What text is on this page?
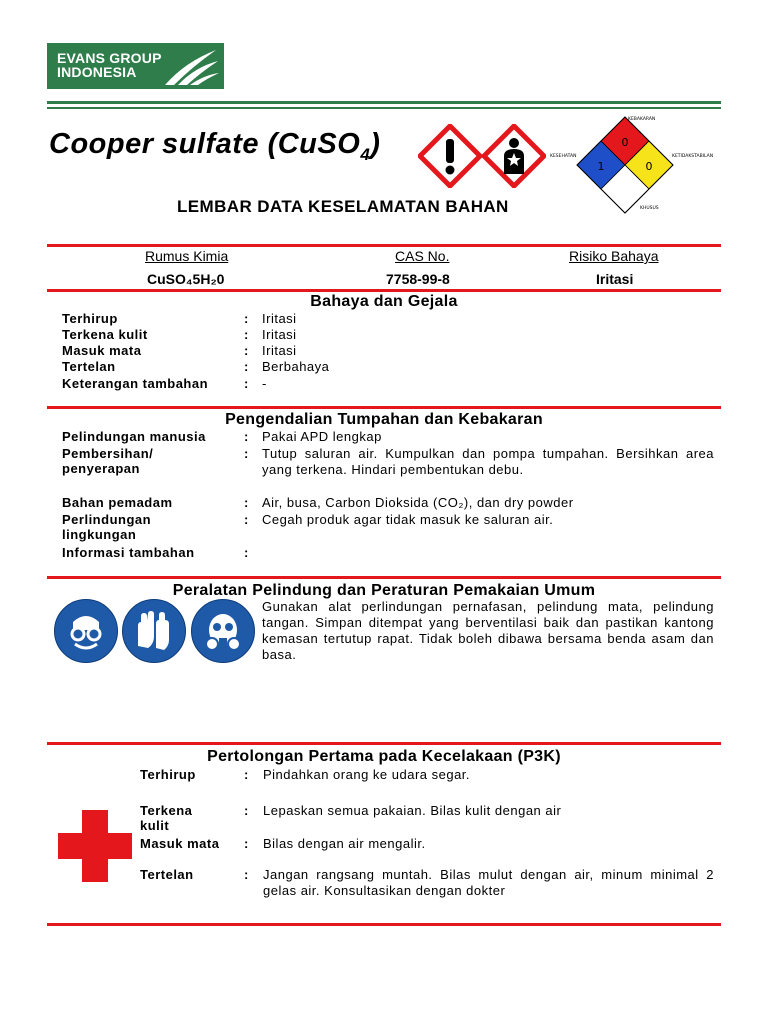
EVANS GROUP
INDONESIA
Cooper sulfate (CuSO$_4$)	0
1	0
KEBAKARAN
KESEHATAN	KETIDAKSTABILAN
KHUSUS
LEMBAR DATA KESELAMATAN BAHAN
Rumus Kimia	CAS No.	Risiko Bahaya
CuSO₄5H₂0	7758-99-8	Iritasi
Bahaya dan Gejala
Terhirup	: Iritasi
Terkena kulit	: Iritasi
Masuk mata	: Iritasi
Tertelan	: Berbahaya
Keterangan tambahan	: -
Pengendalian Tumpahan dan Kebakaran
Pelindungan manusia	: Pakai APD lengkap
Pembersihan/ penyerapan
: Tutup saluran air. Kumpulkan dan pompa tumpahan. Bersihkan area yang terkena. Hindari pembentukan debu.
Bahan pemadam	: Air, busa, Carbon Dioksida (CO₂), dan dry powder
Perlindungan lingkungan
: Cegah produk agar tidak masuk ke saluran air.
Informasi tambahan	:
Peralatan Pelindung dan Peraturan Pemakaian Umum
Gunakan alat perlindungan pernafasan, pelindung mata, pelindung tangan. Simpan ditempat yang berventilasi baik dan pastikan kantong kemasan tertutup rapat. Tidak boleh dibawa bersama benda asam dan basa.
Pertolongan Pertama pada Kecelakaan (P3K)
Terhirup	: Pindahkan orang ke udara segar.
Terkena kulit
: Lepaskan semua pakaian. Bilas kulit dengan air
Masuk mata : Bilas dengan air mengalir.
Tertelan	: Jangan rangsang muntah. Bilas mulut dengan air, minum minimal 2 gelas air. Konsultasikan dengan dokter
